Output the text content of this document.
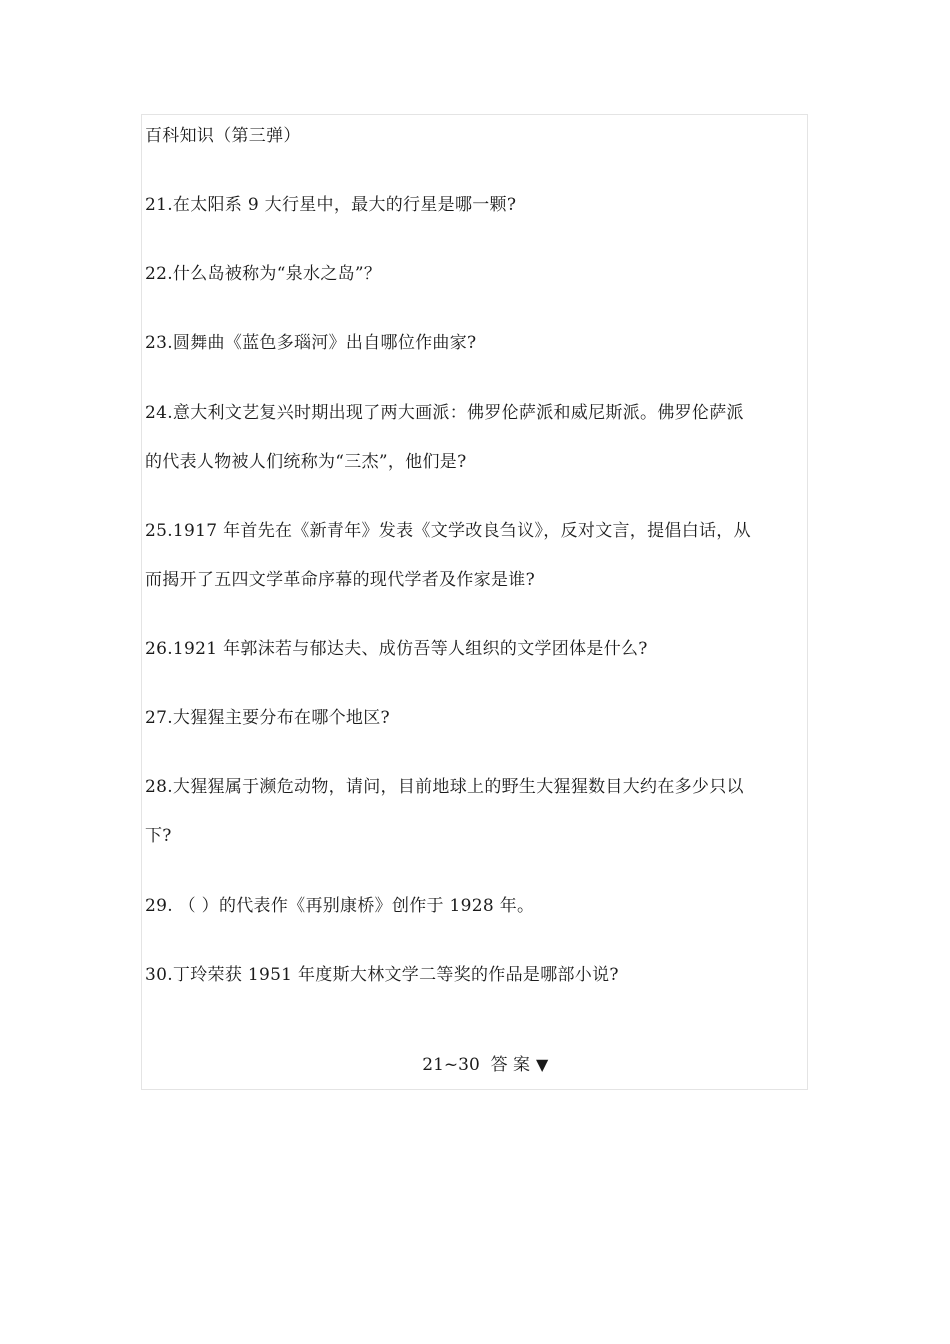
百科知识（第三弹）
21.在太阳系 9 大行星中，最大的行星是哪一颗?
22.什么岛被称为“泉水之岛”？
23.圆舞曲《蓝色多瑙河》出自哪位作曲家?
24.意大利文艺复兴时期出现了两大画派：佛罗伦萨派和威尼斯派。佛罗伦萨派
的代表人物被人们统称为“三杰”，他们是?
25.1917 年首先在《新青年》发表《文学改良刍议》，反对文言，提倡白话，从
而揭开了五四文学革命序幕的现代学者及作家是谁?
26.1921 年郭沫若与郁达夫、成仿吾等人组织的文学团体是什么?
27.大猩猩主要分布在哪个地区?
28.大猩猩属于濒危动物，请问，目前地球上的野生大猩猩数目大约在多少只以
下?
29. （ ）的代表作《再别康桥》创作于 1928 年。
30.丁玲荣获 1951 年度斯大林文学二等奖的作品是哪部小说?

21~30  答 案 ▼
